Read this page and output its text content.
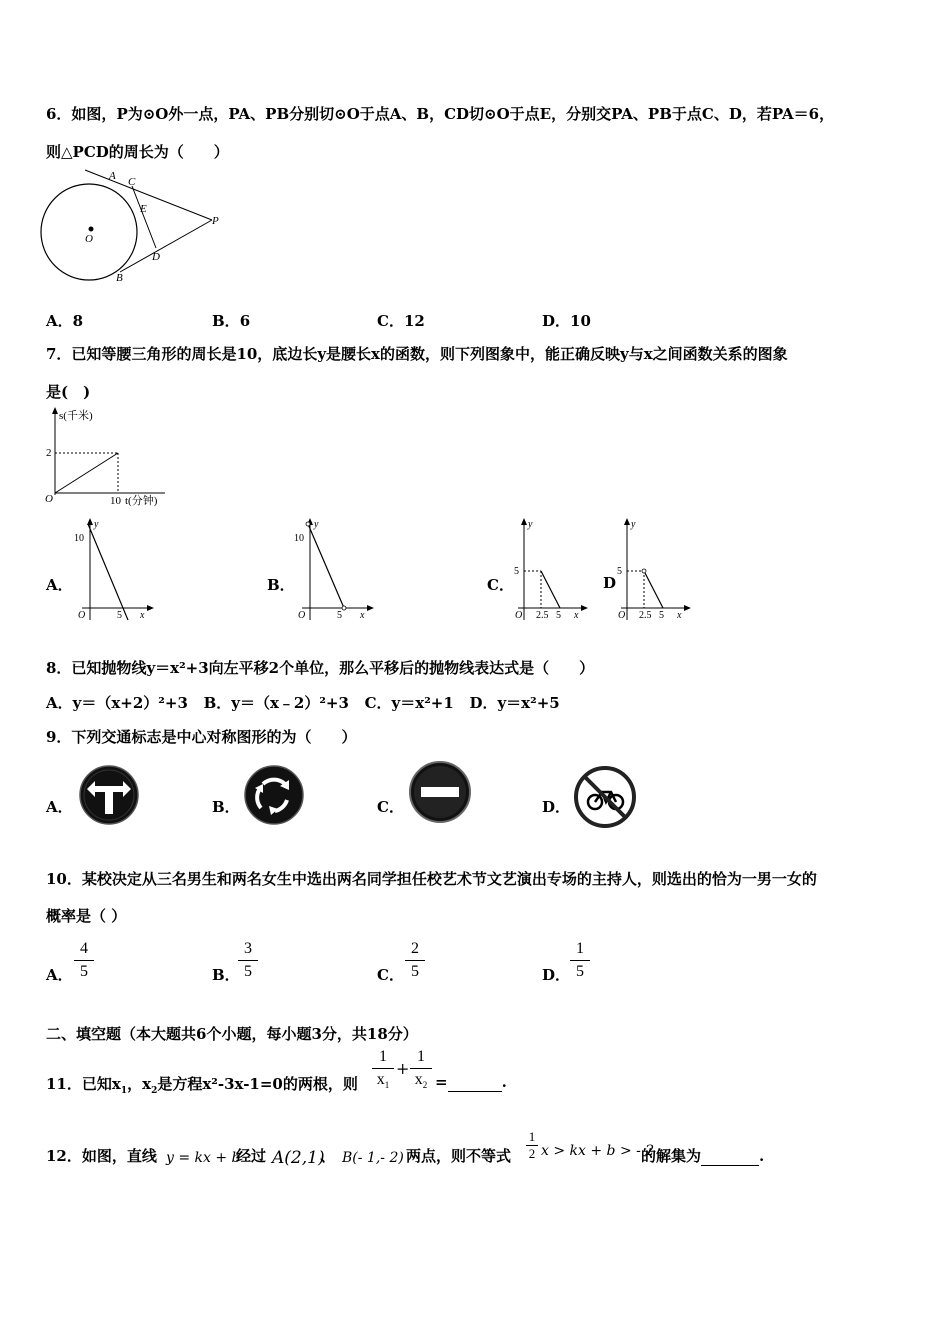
6．如图，P为⊙O外一点，PA、PB分别切⊙O于点A、B，CD切⊙O于点E，分别交PA、PB于点C、D，若PA＝6，
则△PCD的周长为（　　）
A C
E
P
O
D
B
A．8	B．6	C．12	D．10
7．已知等腰三角形的周长是10，底边长y是腰长x的函数，则下列图象中，能正确反映y与x之间函数关系的图象
是(　)
s(千米)
2
O	10 t(分钟)
A．
y
10
O	5 x
B．
y
10
O	5 x
C．
y
5
O 2.5 5 x
D
y
5
O 2.5 5 x
8．已知抛物线y＝x²+3向左平移2个单位，那么平移后的抛物线表达式是（　　）
A．y＝（x+2）²+3 B．y＝（x﹣2）²+3 C．y＝x²+1 D．y＝x²+5
9．下列交通标志是中心对称图形的为（　　）
A．	B．	C．	D．
10．某校决定从三名男生和两名女生中选出两名同学担任校艺术节文艺演出专场的主持人，则选出的恰为一男一女的
概率是（ ）
A．
4
5	B．
3
5	C．
2
5	D．
1
5
二、填空题（本大题共6个小题，每小题3分，共18分）
11．已知$x_1$，$x_2$是方程x²-3x-1=0的两根，则
1
$x_1$
+
1
$x_2$ =	.
12．如图，直线 y = kx + b
经过 A(2,1)
、 B(- 1,- 2) 两点，则不等式
1
2 x > kx + b > - 2
的解集为	.
